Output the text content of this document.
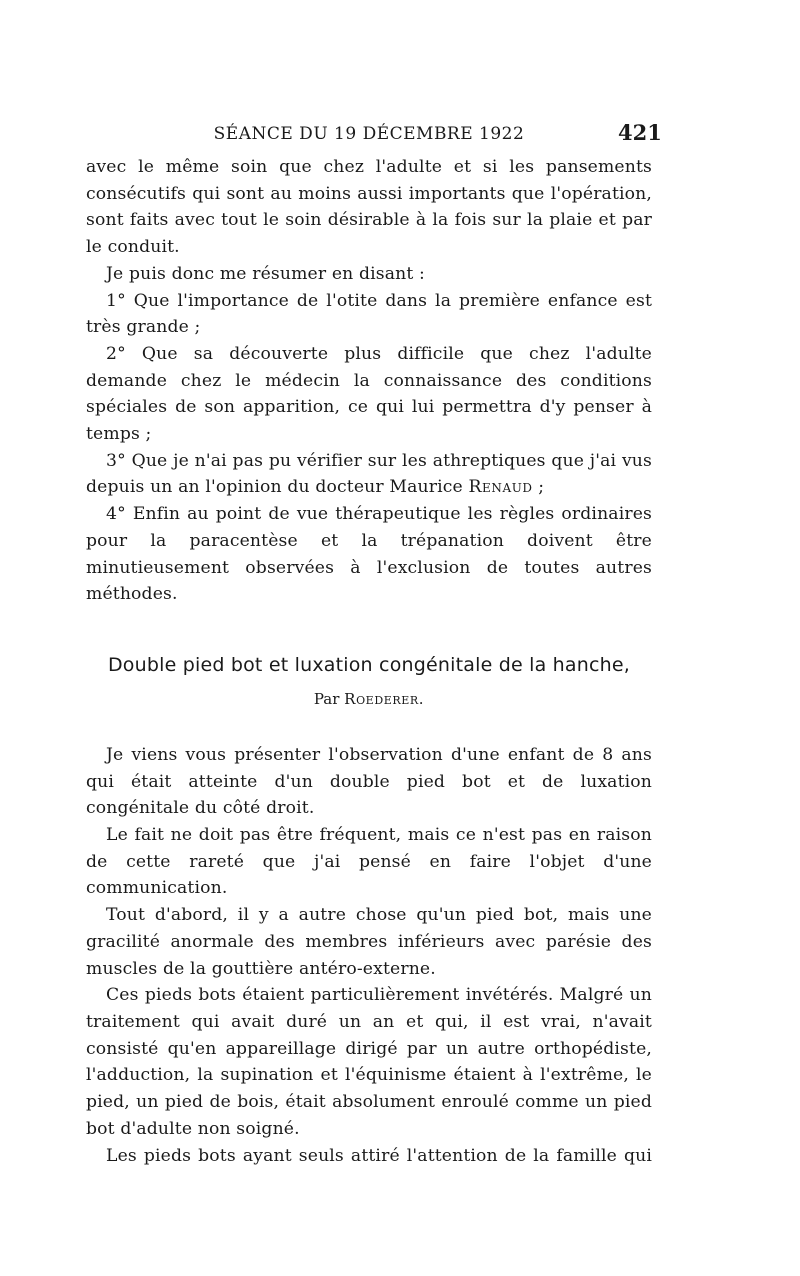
SÉANCE DU 19 DÉCEMBRE 1922	421

avec le même soin que chez l'adulte et si les pansements consécutifs qui sont au moins aussi importants que l'opération, sont faits avec tout le soin désirable à la fois sur la plaie et par le conduit.

Je puis donc me résumer en disant :

1° Que l'importance de l'otite dans la première enfance est très grande ;

2° Que sa découverte plus difficile que chez l'adulte demande chez le médecin la connaissance des conditions spéciales de son apparition, ce qui lui permettra d'y penser à temps ;

3° Que je n'ai pas pu vérifier sur les athreptiques que j'ai vus depuis un an l'opinion du docteur Maurice Renaud ;

4° Enfin au point de vue thérapeutique les règles ordinaires pour la paracentèse et la trépanation doivent être minutieusement observées à l'exclusion de toutes autres méthodes.

Double pied bot et luxation congénitale de la hanche,
Par Roederer.

Je viens vous présenter l'observation d'une enfant de 8 ans qui était atteinte d'un double pied bot et de luxation congénitale du côté droit.

Le fait ne doit pas être fréquent, mais ce n'est pas en raison de cette rareté que j'ai pensé en faire l'objet d'une communication.

Tout d'abord, il y a autre chose qu'un pied bot, mais une gracilité anormale des membres inférieurs avec parésie des muscles de la gouttière antéro-externe.

Ces pieds bots étaient particulièrement invétérés. Malgré un traitement qui avait duré un an et qui, il est vrai, n'avait consisté qu'en appareillage dirigé par un autre orthopédiste, l'adduction, la supination et l'équinisme étaient à l'extrême, le pied, un pied de bois, était absolument enroulé comme un pied bot d'adulte non soigné.

Les pieds bots ayant seuls attiré l'attention de la famille qui
